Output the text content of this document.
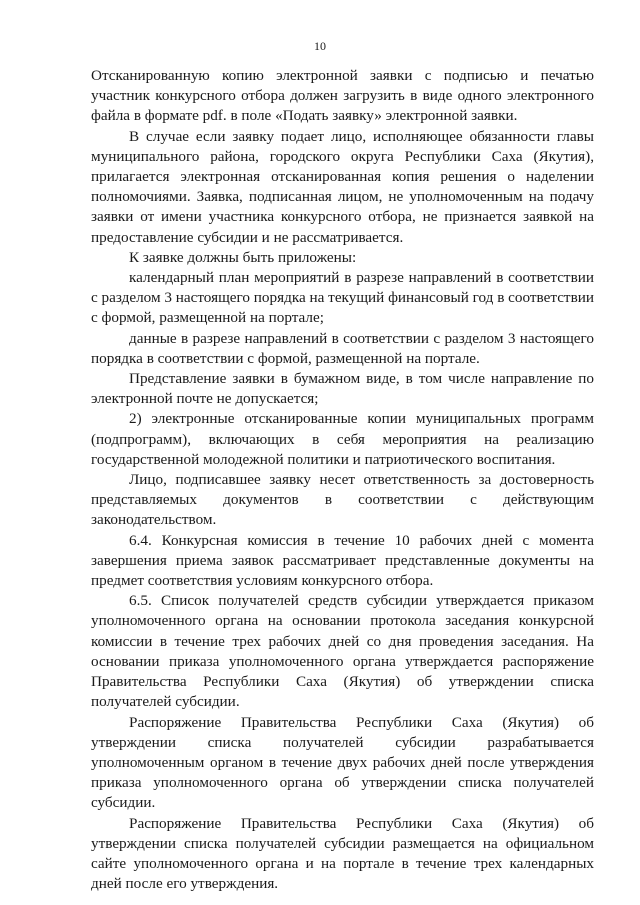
10

Отсканированную копию электронной заявки с подписью и печатью участник конкурсного отбора должен загрузить в виде одного электронного файла в формате pdf. в поле «Подать заявку» электронной заявки.

В случае если заявку подает лицо, исполняющее обязанности главы муниципального района, городского округа Республики Саха (Якутия), прилагается электронная отсканированная копия решения о наделении полномочиями. Заявка, подписанная лицом, не уполномоченным на подачу заявки от имени участника конкурсного отбора, не признается заявкой на предоставление субсидии и не рассматривается.

К заявке должны быть приложены:

календарный план мероприятий в разрезе направлений в соответствии с разделом 3 настоящего порядка на текущий финансовый год в соответствии с формой, размещенной на портале;

данные в разрезе направлений в соответствии с разделом 3 настоящего порядка в соответствии с формой, размещенной на портале.

Представление заявки в бумажном виде, в том числе направление по электронной почте не допускается;

2) электронные отсканированные копии муниципальных программ (подпрограмм), включающих в себя мероприятия на реализацию государственной молодежной политики и патриотического воспитания.

Лицо, подписавшее заявку несет ответственность за достоверность представляемых документов в соответствии с действующим законодательством.

6.4. Конкурсная комиссия в течение 10 рабочих дней с момента завершения приема заявок рассматривает представленные документы на предмет соответствия условиям конкурсного отбора.

6.5. Список получателей средств субсидии утверждается приказом уполномоченного органа на основании протокола заседания конкурсной комиссии в течение трех рабочих дней со дня проведения заседания. На основании приказа уполномоченного органа утверждается распоряжение Правительства Республики Саха (Якутия) об утверждении списка получателей субсидии.

Распоряжение Правительства Республики Саха (Якутия) об утверждении списка получателей субсидии разрабатывается уполномоченным органом в течение двух рабочих дней после утверждения приказа уполномоченного органа об утверждении списка получателей субсидии.

Распоряжение Правительства Республики Саха (Якутия) об утверждении списка получателей субсидии размещается на официальном сайте уполномоченного органа и на портале в течение трех календарных дней после его утверждения.
